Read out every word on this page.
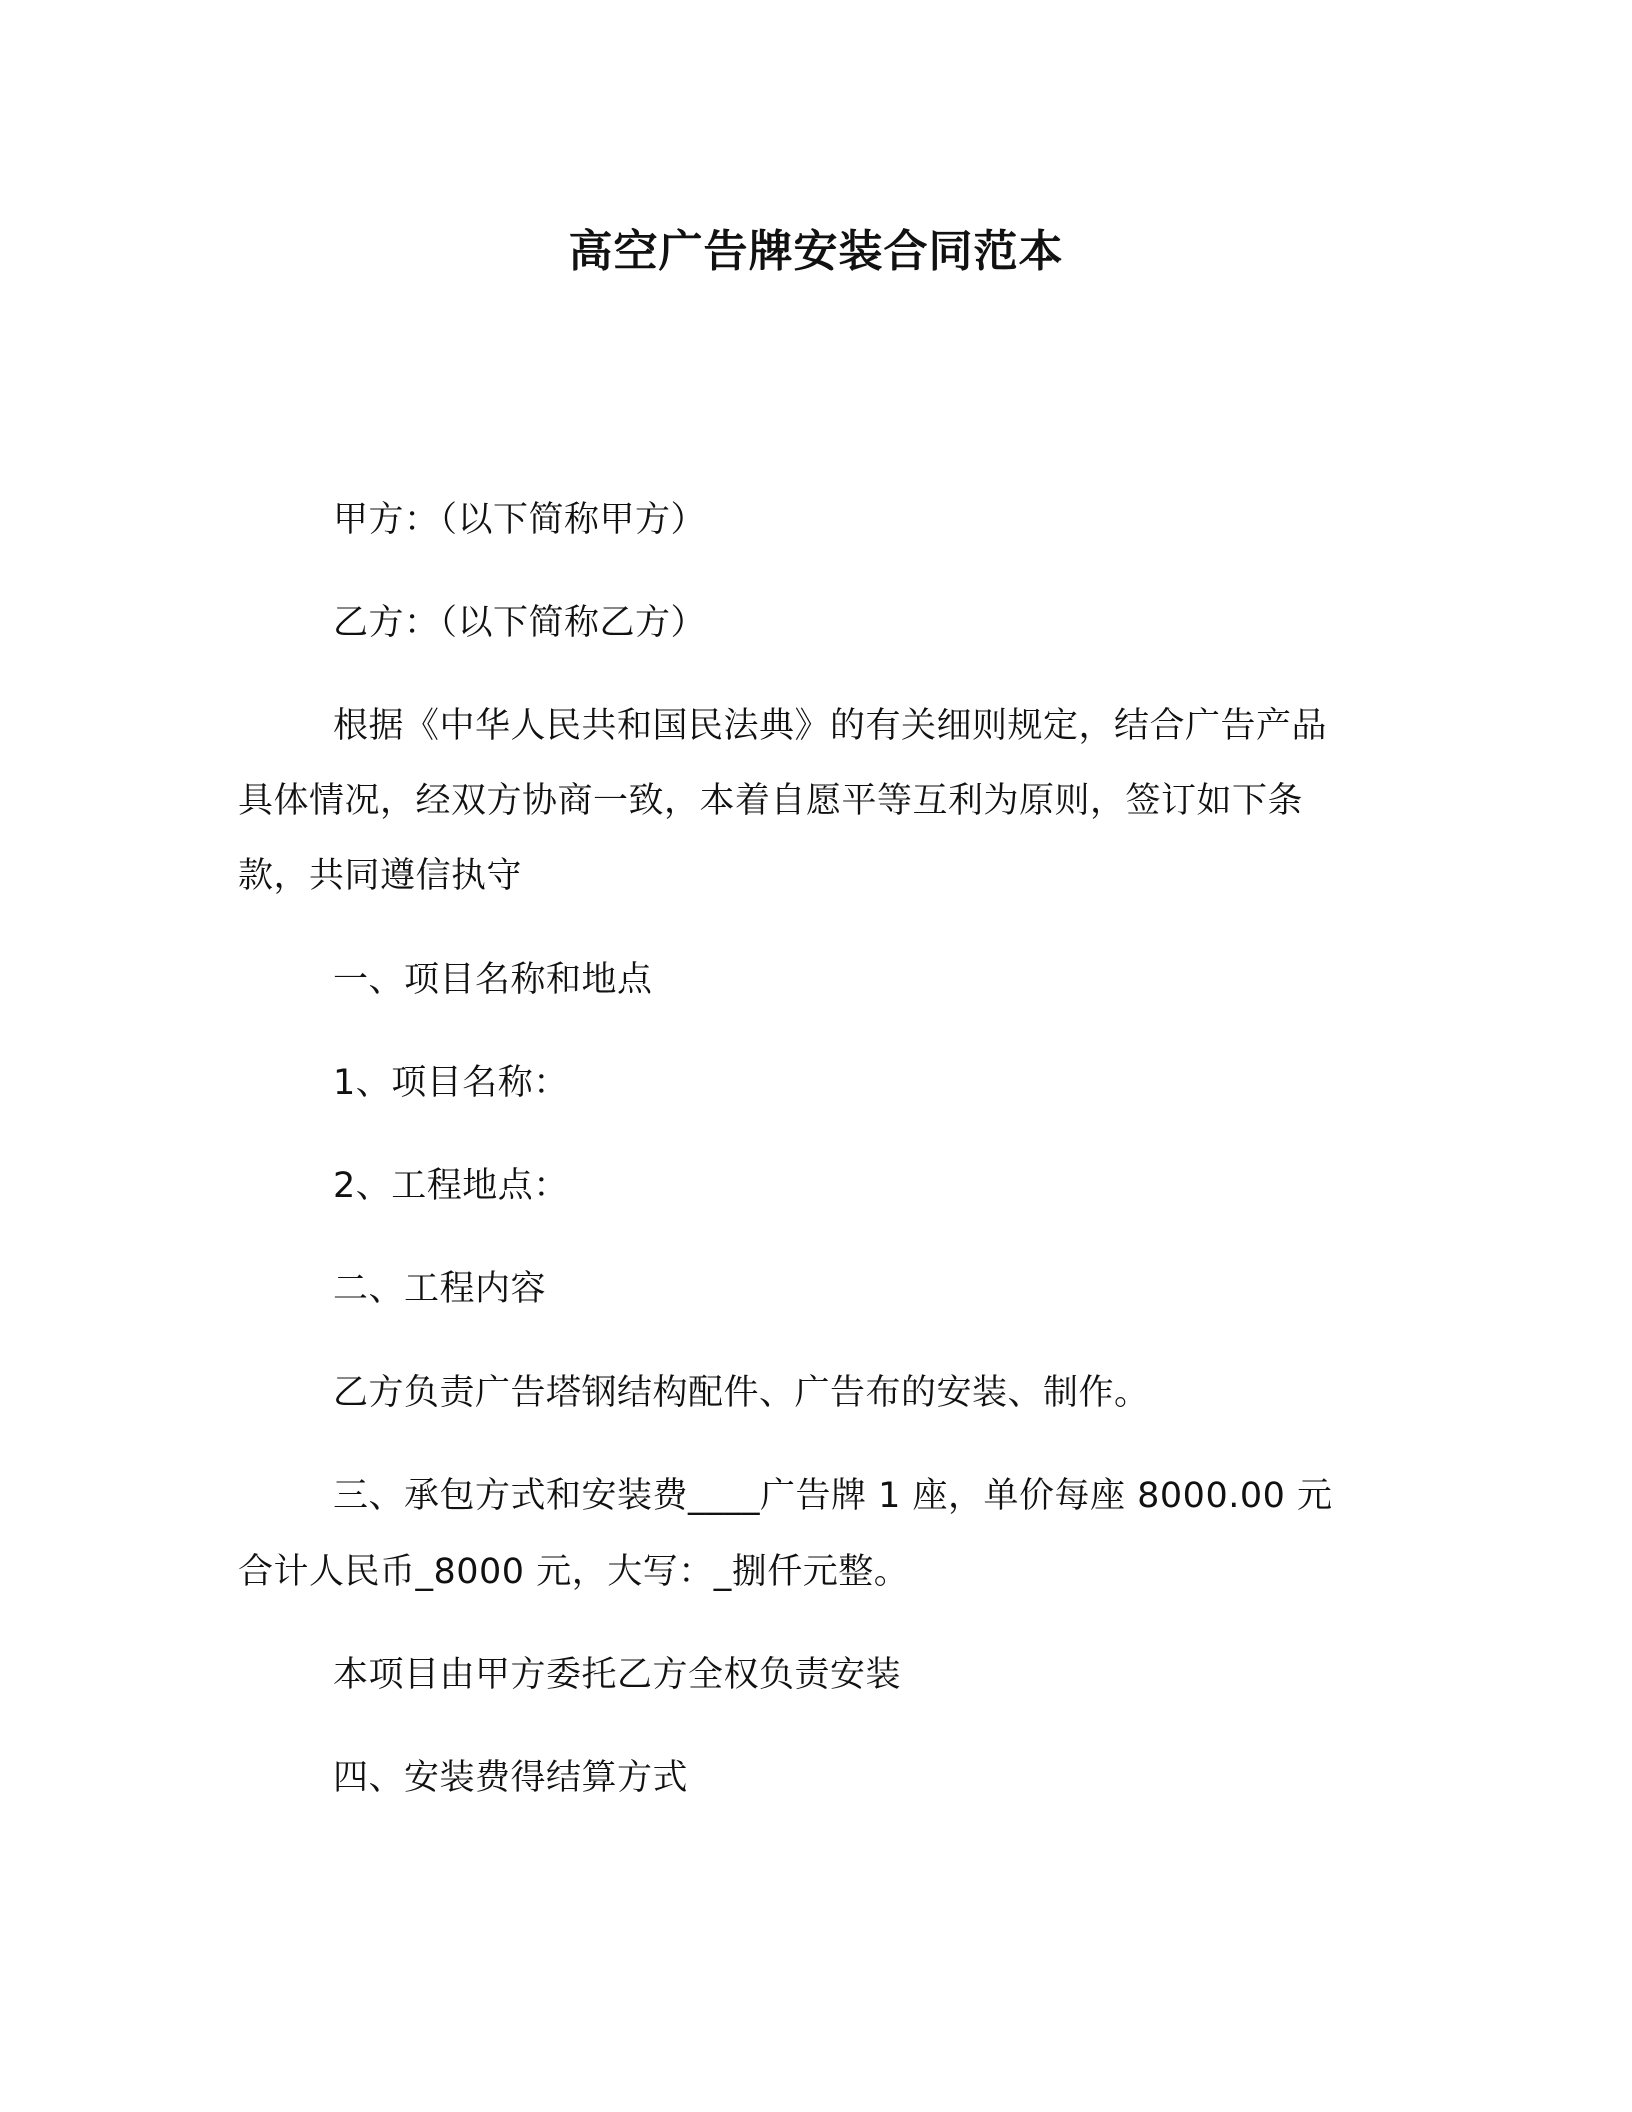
高空广告牌安装合同范本
甲方：（以下简称甲方）
乙方：（以下简称乙方）
根据《中华人民共和国民法典》的有关细则规定，结合广告产品
具体情况，经双方协商一致，本着自愿平等互利为原则，签订如下条
款，共同遵信执守
一、项目名称和地点
1、项目名称：
2、工程地点：
二、工程内容
乙方负责广告塔钢结构配件、广告布的安装、制作。
三、承包方式和安装费____广告牌 1 座，单价每座 8000.00 元
合计人民币_8000 元，大写：_捌仟元整。
本项目由甲方委托乙方全权负责安装
四、安装费得结算方式
